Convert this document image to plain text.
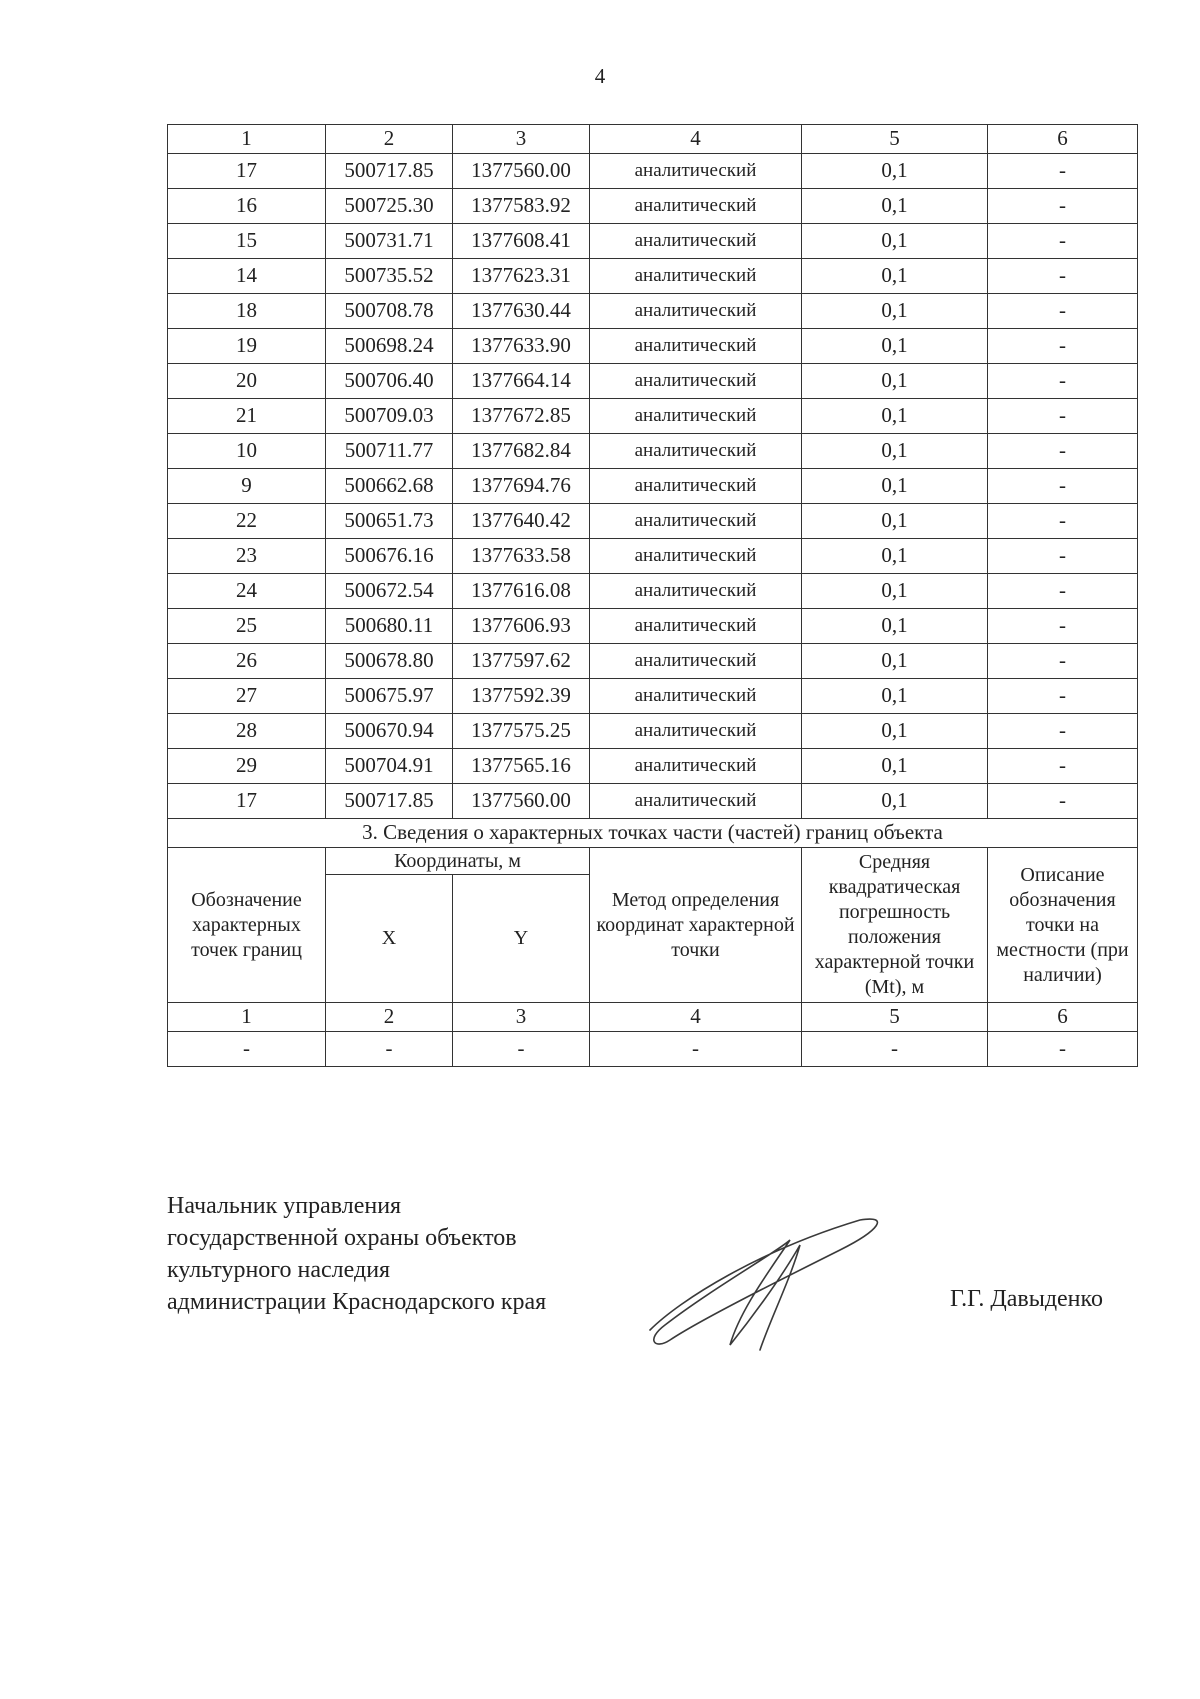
4
1	2	3	4	5	6
17	500717.85	1377560.00	аналитический	0,1	-
16	500725.30	1377583.92	аналитический	0,1	-
15	500731.71	1377608.41	аналитический	0,1	-
14	500735.52	1377623.31	аналитический	0,1	-
18	500708.78	1377630.44	аналитический	0,1	-
19	500698.24	1377633.90	аналитический	0,1	-
20	500706.40	1377664.14	аналитический	0,1	-
21	500709.03	1377672.85	аналитический	0,1	-
10	500711.77	1377682.84	аналитический	0,1	-
9	500662.68	1377694.76	аналитический	0,1	-
22	500651.73	1377640.42	аналитический	0,1	-
23	500676.16	1377633.58	аналитический	0,1	-
24	500672.54	1377616.08	аналитический	0,1	-
25	500680.11	1377606.93	аналитический	0,1	-
26	500678.80	1377597.62	аналитический	0,1	-
27	500675.97	1377592.39	аналитический	0,1	-
28	500670.94	1377575.25	аналитический	0,1	-
29	500704.91	1377565.16	аналитический	0,1	-
17	500717.85	1377560.00	аналитический	0,1	-
3. Сведения о характерных точках части (частей) границ объекта					
Обозначение характерных точек границ	Координаты, м		Метод определения координат характерной точки	Средняя квадратическая погрешность положения характерной точки (Mt), м	Описание обозначения точки на местности (при наличии)
	X	Y			
1	2	3	4	5	6
-	-	-	-	-	-
Начальник управления
государственной охраны объектов
культурного наследия
администрации Краснодарского края	Г.Г. Давыденко
